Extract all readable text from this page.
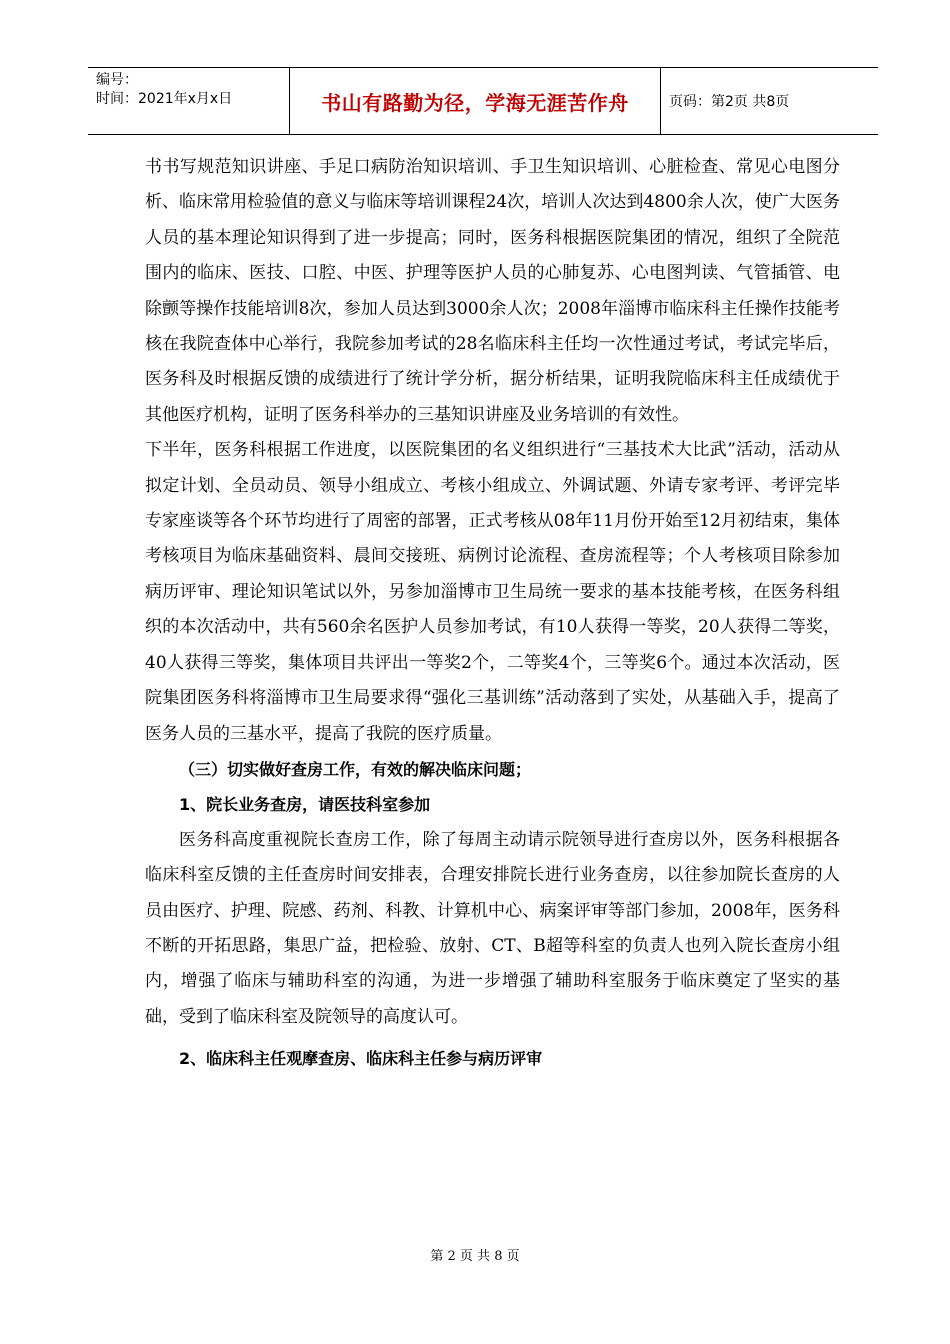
编号：
时间：2021年x月x日	书山有路勤为径，学海无涯苦作舟	页码：第2页 共8页

书书写规范知识讲座、手足口病防治知识培训、手卫生知识培训、心脏检查、常见心电图分析、临床常用检验值的意义与临床等培训课程24次，培训人次达到4800余人次，使广大医务人员的基本理论知识得到了进一步提高；同时，医务科根据医院集团的情况，组织了全院范围内的临床、医技、口腔、中医、护理等医护人员的心肺复苏、心电图判读、气管插管、电除颤等操作技能培训8次，参加人员达到3000余人次；2008年淄博市临床科主任操作技能考核在我院查体中心举行，我院参加考试的28名临床科主任均一次性通过考试，考试完毕后，医务科及时根据反馈的成绩进行了统计学分析，据分析结果，证明我院临床科主任成绩优于其他医疗机构，证明了医务科举办的三基知识讲座及业务培训的有效性。

下半年，医务科根据工作进度，以医院集团的名义组织进行“三基技术大比武”活动，活动从拟定计划、全员动员、领导小组成立、考核小组成立、外调试题、外请专家考评、考评完毕专家座谈等各个环节均进行了周密的部署，正式考核从08年11月份开始至12月初结束，集体考核项目为临床基础资料、晨间交接班、病例讨论流程、查房流程等；个人考核项目除参加病历评审、理论知识笔试以外，另参加淄博市卫生局统一要求的基本技能考核，在医务科组织的本次活动中，共有560余名医护人员参加考试，有10人获得一等奖，20人获得二等奖，40人获得三等奖，集体项目共评出一等奖2个，二等奖4个，三等奖6个。通过本次活动，医院集团医务科将淄博市卫生局要求得“强化三基训练”活动落到了实处，从基础入手，提高了医务人员的三基水平，提高了我院的医疗质量。

（三）切实做好查房工作，有效的解决临床问题；

1、院长业务查房，请医技科室参加

医务科高度重视院长查房工作，除了每周主动请示院领导进行查房以外，医务科根据各临床科室反馈的主任查房时间安排表，合理安排院长进行业务查房，以往参加院长查房的人员由医疗、护理、院感、药剂、科教、计算机中心、病案评审等部门参加，2008年，医务科不断的开拓思路，集思广益，把检验、放射、CT、B超等科室的负责人也列入院长查房小组内，增强了临床与辅助科室的沟通，为进一步增强了辅助科室服务于临床奠定了坚实的基础，受到了临床科室及院领导的高度认可。

2、临床科主任观摩查房、临床科主任参与病历评审

第 2 页 共 8 页
